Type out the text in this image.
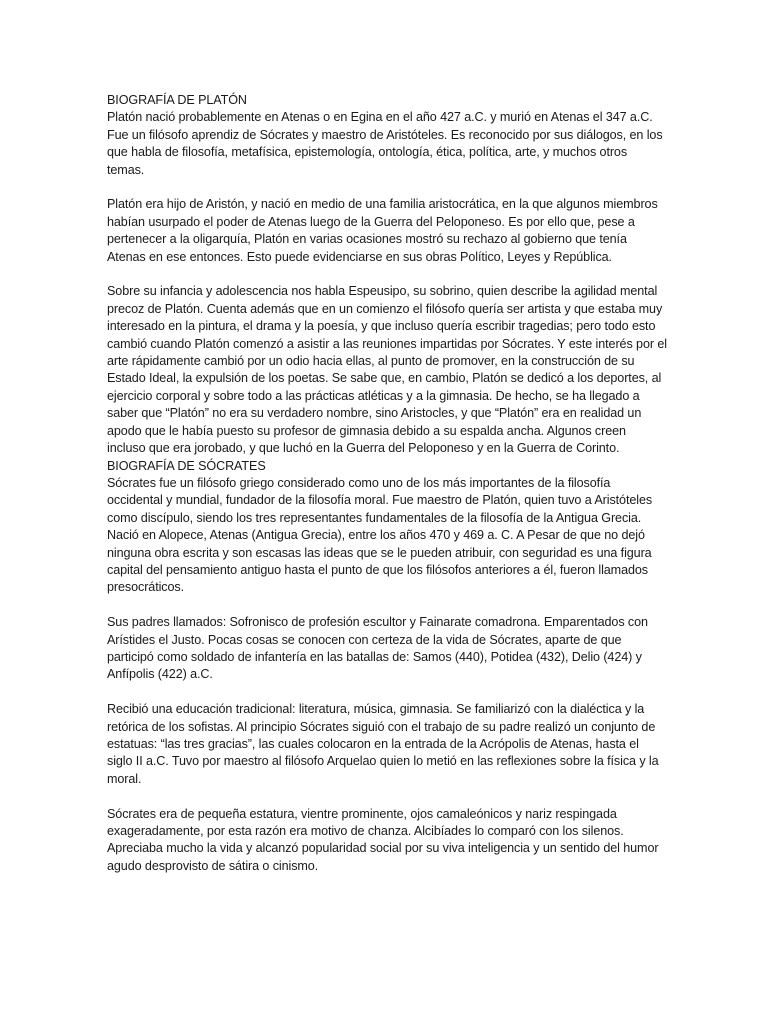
BIOGRAFÍA DE PLATÓN

Platón nació probablemente en Atenas o en Egina en el año 427 a.C. y murió en Atenas el 347 a.C. Fue un filósofo aprendiz de Sócrates y maestro de Aristóteles. Es reconocido por sus diálogos, en los que habla de filosofía, metafísica, epistemología, ontología, ética, política, arte, y muchos otros temas.

Platón era hijo de Aristón, y nació en medio de una familia aristocrática, en la que algunos miembros habían usurpado el poder de Atenas luego de la Guerra del Peloponeso. Es por ello que, pese a pertenecer a la oligarquía, Platón en varias ocasiones mostró su rechazo al gobierno que tenía Atenas en ese entonces. Esto puede evidenciarse en sus obras Político, Leyes y República.

Sobre su infancia y adolescencia nos habla Espeusipo, su sobrino, quien describe la agilidad mental precoz de Platón. Cuenta además que en un comienzo el filósofo quería ser artista y que estaba muy interesado en la pintura, el drama y la poesía, y que incluso quería escribir tragedias; pero todo esto cambió cuando Platón comenzó a asistir a las reuniones impartidas por Sócrates. Y este interés por el arte rápidamente cambió por un odio hacia ellas, al punto de promover, en la construcción de su Estado Ideal, la expulsión de los poetas. Se sabe que, en cambio, Platón se dedicó a los deportes, al ejercicio corporal y sobre todo a las prácticas atléticas y a la gimnasia. De hecho, se ha llegado a saber que “Platón” no era su verdadero nombre, sino Aristocles, y que “Platón” era en realidad un apodo que le había puesto su profesor de gimnasia debido a su espalda ancha. Algunos creen incluso que era jorobado, y que luchó en la Guerra del Peloponeso y en la Guerra de Corinto.

BIOGRAFÍA DE SÓCRATES

Sócrates fue un filósofo griego considerado como uno de los más importantes de la filosofía occidental y mundial, fundador de la filosofía moral. Fue maestro de Platón, quien tuvo a Aristóteles como discípulo, siendo los tres representantes fundamentales de la filosofía de la Antigua Grecia. Nació en Alopece, Atenas (Antigua Grecia), entre los años 470 y 469 a. C. A Pesar de que no dejó ninguna obra escrita y son escasas las ideas que se le pueden atribuir, con seguridad es una figura capital del pensamiento antiguo hasta el punto de que los filósofos anteriores a él, fueron llamados presocráticos.

Sus padres llamados: Sofronisco de profesión escultor y Fainarate comadrona. Emparentados con Arístides el Justo. Pocas cosas se conocen con certeza de la vida de Sócrates, aparte de que participó como soldado de infantería en las batallas de: Samos (440), Potidea (432), Delio (424) y Anfípolis (422) a.C.

Recibió una educación tradicional: literatura, música, gimnasia. Se familiarizó con la dialéctica y la retórica de los sofistas. Al principio Sócrates siguió con el trabajo de su padre realizó un conjunto de estatuas: “las tres gracias”, las cuales colocaron en la entrada de la Acrópolis de Atenas, hasta el siglo II a.C. Tuvo por maestro al filósofo Arquelao quien lo metió en las reflexiones sobre la física y la moral.

Sócrates era de pequeña estatura, vientre prominente, ojos camaleónicos y nariz respingada exageradamente, por esta razón era motivo de chanza. Alcibíades lo comparó con los silenos. Apreciaba mucho la vida y alcanzó popularidad social por su viva inteligencia y un sentido del humor agudo desprovisto de sátira o cinismo.
